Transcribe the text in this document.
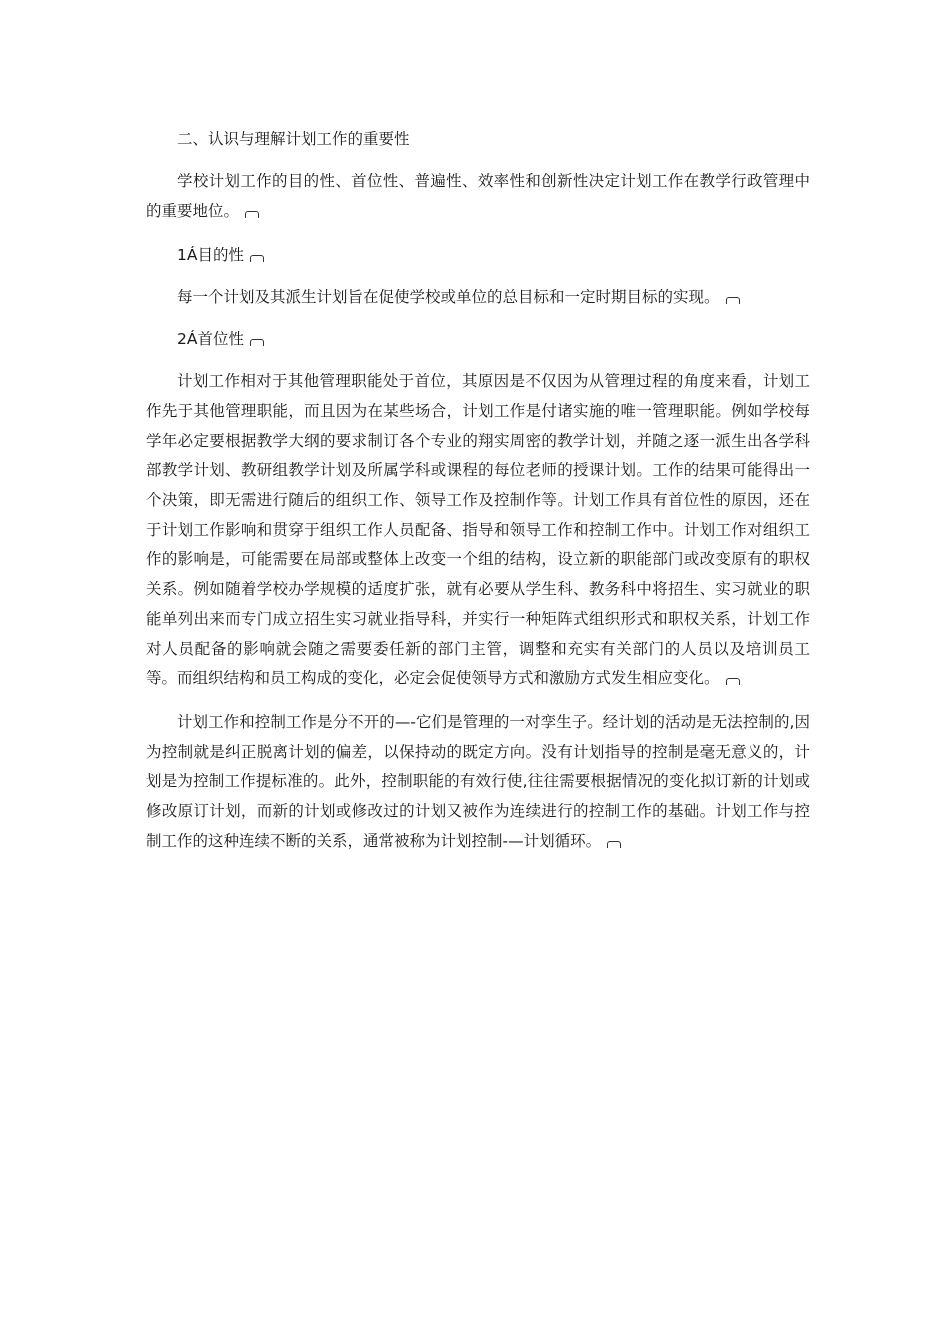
二、认识与理解计划工作的重要性

学校计划工作的目的性、首位性、普遍性、效率性和创新性决定计划工作在教学行政管理中的重要地位。

1Á目的性

每一个计划及其派生计划旨在促使学校或单位的总目标和一定时期目标的实现。

2Á首位性

计划工作相对于其他管理职能处于首位，其原因是不仅因为从管理过程的角度来看，计划工作先于其他管理职能，而且因为在某些场合，计划工作是付诸实施的唯一管理职能。例如学校每学年必定要根据教学大纲的要求制订各个专业的翔实周密的教学计划，并随之逐一派生出各学科部教学计划、教研组教学计划及所属学科或课程的每位老师的授课计划。工作的结果可能得出一个决策，即无需进行随后的组织工作、领导工作及控制作等。计划工作具有首位性的原因，还在于计划工作影响和贯穿于组织工作人员配备、指导和领导工作和控制工作中。计划工作对组织工作的影响是，可能需要在局部或整体上改变一个组的结构，设立新的职能部门或改变原有的职权关系。例如随着学校办学规模的适度扩张，就有必要从学生科、教务科中将招生、实习就业的职能单列出来而专门成立招生实习就业指导科，并实行一种矩阵式组织形式和职权关系，计划工作对人员配备的影响就会随之需要委任新的部门主管，调整和充实有关部门的人员以及培训员工等。而组织结构和员工构成的变化，必定会促使领导方式和激励方式发生相应变化。

计划工作和控制工作是分不开的—-它们是管理的一对孪生子。经计划的活动是无法控制的,因为控制就是纠正脱离计划的偏差，以保持动的既定方向。没有计划指导的控制是毫无意义的，计划是为控制工作提标准的。此外，控制职能的有效行使,往往需要根据情况的变化拟订新的计划或修改原订计划，而新的计划或修改过的计划又被作为连续进行的控制工作的基础。计划工作与控制工作的这种连续不断的关系，通常被称为计划控制-—计划循环。
